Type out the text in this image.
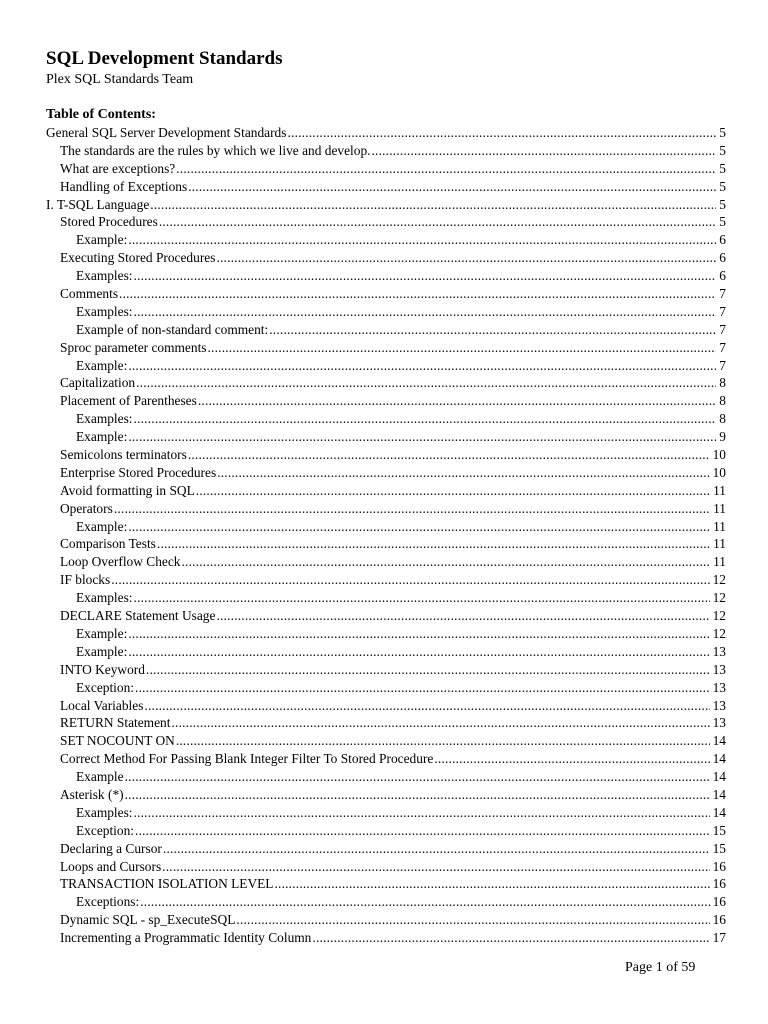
SQL Development Standards
Plex SQL Standards Team
Table of Contents:
General SQL Server Development Standards .....	5
The standards are the rules by which we live and develop. .....	5
What are exceptions? .....	5
Handling of Exceptions .....	5
I. T-SQL Language .....	5
Stored Procedures .....	5
Example: .....	6
Executing Stored Procedures .....	6
Examples: .....	6
Comments .....	7
Examples: .....	7
Example of non-standard comment: .....	7
Sproc parameter comments .....	7
Example: .....	7
Capitalization .....	8
Placement of Parentheses .....	8
Examples: .....	8
Example: .....	9
Semicolons terminators .....	10
Enterprise Stored Procedures .....	10
Avoid formatting in SQL .....	11
Operators .....	11
Example: .....	11
Comparison Tests .....	11
Loop Overflow Check .....	11
IF blocks .....	12
Examples: .....	12
DECLARE Statement Usage .....	12
Example: .....	12
Example: .....	13
INTO Keyword .....	13
Exception: .....	13
Local Variables .....	13
RETURN Statement .....	13
SET NOCOUNT ON .....	14
Correct Method For Passing Blank Integer Filter To Stored Procedure .....	14
Example .....	14
Asterisk (*) .....	14
Examples: .....	14
Exception: .....	15
Declaring a Cursor .....	15
Loops and Cursors .....	16
TRANSACTION ISOLATION LEVEL .....	16
Exceptions: .....	16
Dynamic SQL - sp_ExecuteSQL .....	16
Incrementing a Programmatic Identity Column .....	17
Page 1 of 59
